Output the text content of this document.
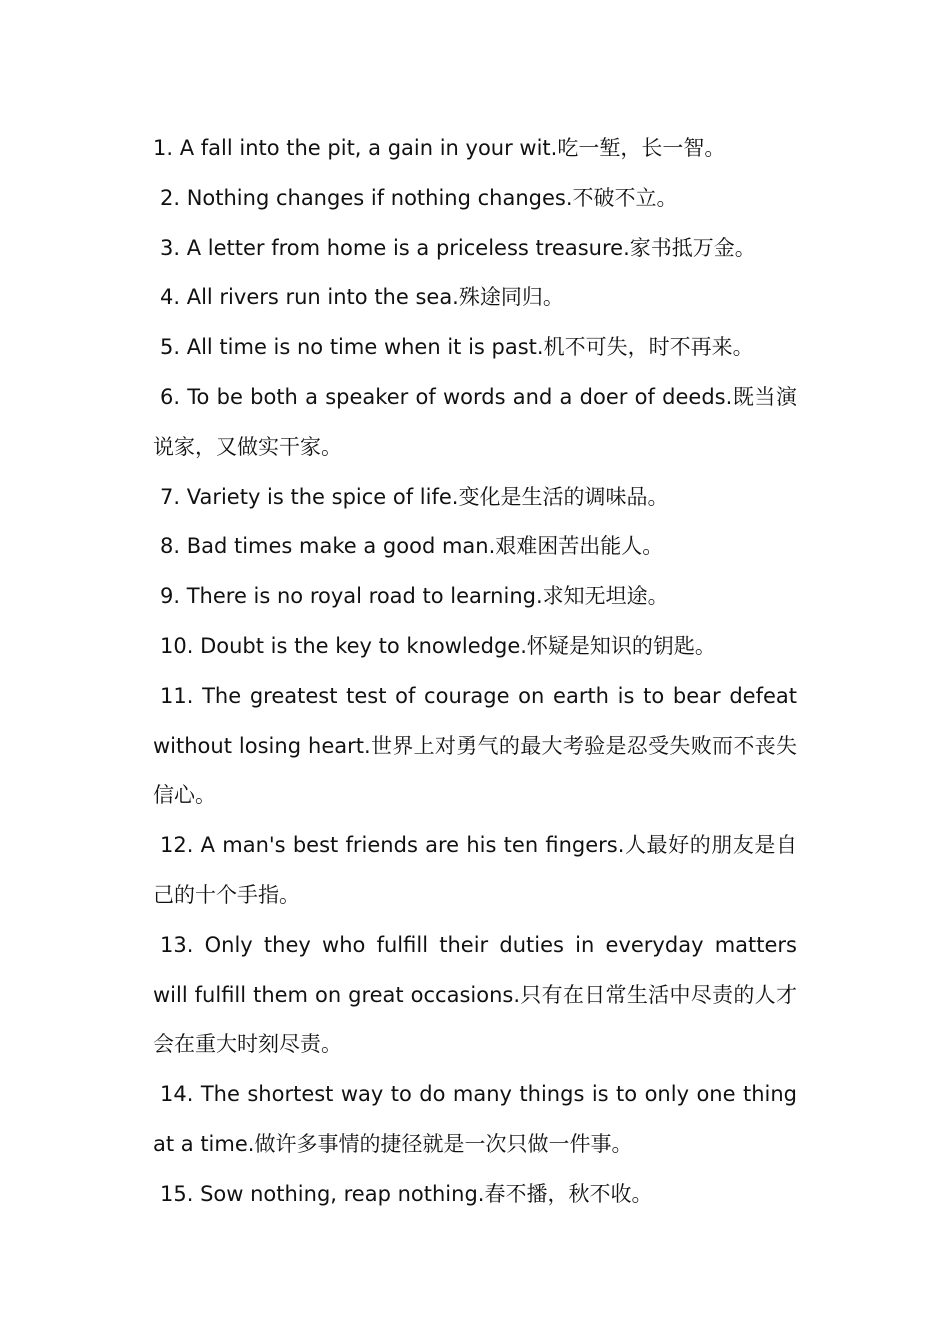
1. A fall into the pit, a gain in your wit.吃一堑，长一智。

2. Nothing changes if nothing changes.不破不立。

3. A letter from home is a priceless treasure.家书抵万金。

4. All rivers run into the sea.殊途同归。

5. All time is no time when it is past.机不可失，时不再来。

6. To be both a speaker of words and a doer of deeds.既当演说家，又做实干家。

7. Variety is the spice of life.变化是生活的调味品。

8. Bad times make a good man.艰难困苦出能人。

9. There is no royal road to learning.求知无坦途。

10. Doubt is the key to knowledge.怀疑是知识的钥匙。

11. The greatest test of courage on earth is to bear defeat without losing heart.世界上对勇气的最大考验是忍受失败而不丧失信心。

12. A man's best friends are his ten fingers.人最好的朋友是自己的十个手指。

13. Only they who fulfill their duties in everyday matters will fulfill them on great occasions.只有在日常生活中尽责的人才会在重大时刻尽责。

14. The shortest way to do many things is to only one thing at a time.做许多事情的捷径就是一次只做一件事。

15. Sow nothing, reap nothing.春不播，秋不收。
